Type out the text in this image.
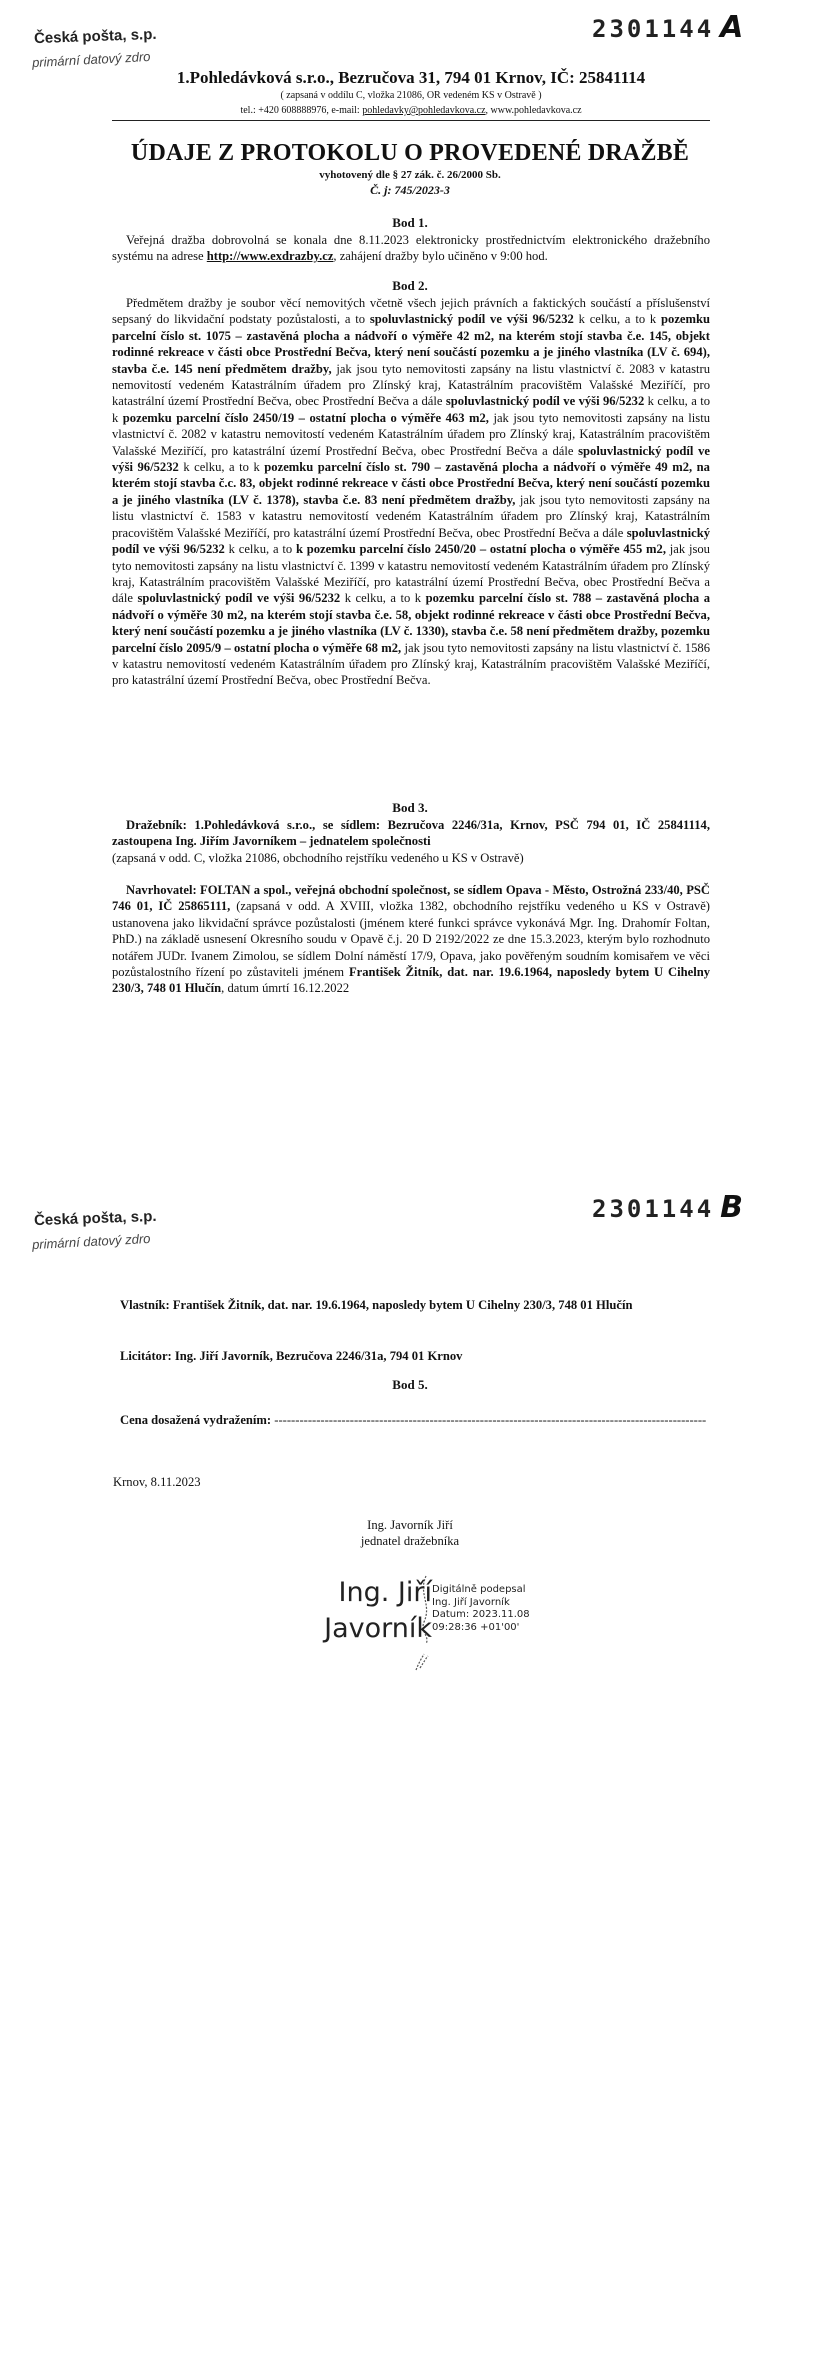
Česká pošta, s.p.
primární datový zdro
2301144 A
1.Pohledávková s.r.o., Bezručova 31, 794 01 Krnov, IČ: 25841114
( zapsaná v oddílu C, vložka 21086, OR vedeném KS v Ostravě )
tel.: +420 608888976, e-mail: pohledavky@pohledavkova.cz, www.pohledavkova.cz
ÚDAJE Z PROTOKOLU O PROVEDENÉ DRAŽBĚ
vyhotovený dle § 27 zák. č. 26/2000 Sb.
Č. j: 745/2023-3
Bod 1.
Veřejná dražba dobrovolná se konala dne 8.11.2023 elektronicky prostřednictvím elektronického dražebního systému na adrese http://www.exdrazby.cz, zahájení dražby bylo učiněno v 9:00 hod.
Bod 2.
Předmětem dražby je soubor věcí nemovitých včetně všech jejich právních a faktických součástí a příslušenství sepsaný do likvidační podstaty pozůstalosti, a to spoluvlastnický podíl ve výši 96/5232 k celku, a to k pozemku parcelní číslo st. 1075 – zastavěná plocha a nádvoří o výměře 42 m2, na kterém stojí stavba č.e. 145, objekt rodinné rekreace v části obce Prostřední Bečva, který není součástí pozemku a je jiného vlastníka (LV č. 694), stavba č.e. 145 není předmětem dražby, jak jsou tyto nemovitosti zapsány na listu vlastnictví č. 2083 v katastru nemovitostí vedeném Katastrálním úřadem pro Zlínský kraj, Katastrálním pracovištěm Valašské Meziříčí, pro katastrální území Prostřední Bečva, obec Prostřední Bečva a dále spoluvlastnický podíl ve výši 96/5232 k celku, a to k pozemku parcelní číslo 2450/19 – ostatní plocha o výměře 463 m2, jak jsou tyto nemovitosti zapsány na listu vlastnictví č. 2082 v katastru nemovitostí vedeném Katastrálním úřadem pro Zlínský kraj, Katastrálním pracovištěm Valašské Meziříčí, pro katastrální území Prostřední Bečva, obec Prostřední Bečva a dále spoluvlastnický podíl ve výši 96/5232 k celku, a to k pozemku parcelní číslo st. 790 – zastavěná plocha a nádvoří o výměře 49 m2, na kterém stojí stavba č.c. 83, objekt rodinné rekreace v části obce Prostřední Bečva, který není součástí pozemku a je jiného vlastníka (LV č. 1378), stavba č.e. 83 není předmětem dražby, jak jsou tyto nemovitosti zapsány na listu vlastnictví č. 1583 v katastru nemovitostí vedeném Katastrálním úřadem pro Zlínský kraj, Katastrálním pracovištěm Valašské Meziříčí, pro katastrální území Prostřední Bečva, obec Prostřední Bečva a dále spoluvlastnický podíl ve výši 96/5232 k celku, a to k pozemku parcelní číslo 2450/20 – ostatní plocha o výměře 455 m2, jak jsou tyto nemovitosti zapsány na listu vlastnictví č. 1399 v katastru nemovitostí vedeném Katastrálním úřadem pro Zlínský kraj, Katastrálním pracovištěm Valašské Meziříčí, pro katastrální území Prostřední Bečva, obec Prostřední Bečva a dále spoluvlastnický podíl ve výši 96/5232 k celku, a to k pozemku parcelní číslo st. 788 – zastavěná plocha a nádvoří o výměře 30 m2, na kterém stojí stavba č.e. 58, objekt rodinné rekreace v části obce Prostřední Bečva, který není součástí pozemku a je jiného vlastníka (LV č. 1330), stavba č.e. 58 není předmětem dražby, pozemku parcelní číslo 2095/9 – ostatní plocha o výměře 68 m2, jak jsou tyto nemovitosti zapsány na listu vlastnictví č. 1586 v katastru nemovitostí vedeném Katastrálním úřadem pro Zlínský kraj, Katastrálním pracovištěm Valašské Meziříčí, pro katastrální území Prostřední Bečva, obec Prostřední Bečva.
Bod 3.
Dražebník: 1.Pohledávková s.r.o., se sídlem: Bezručova 2246/31a, Krnov, PSČ 794 01, IČ 25841114, zastoupena Ing. Jiřím Javorníkem – jednatelem společnosti
(zapsaná v odd. C, vložka 21086, obchodního rejstříku vedeného u KS v Ostravě)
Navrhovatel: FOLTAN a spol., veřejná obchodní společnost, se sídlem Opava - Město, Ostrožná 233/40, PSČ 746 01, IČ 25865111, (zapsaná v odd. A XVIII, vložka 1382, obchodního rejstříku vedeného u KS v Ostravě) ustanovena jako likvidační správce pozůstalosti (jménem které funkci správce vykonává Mgr. Ing. Drahomír Foltan, PhD.) na základě usnesení Okresního soudu v Opavě č.j. 20 D 2192/2022 ze dne 15.3.2023, kterým bylo rozhodnuto notářem JUDr. Ivanem Zimolou, se sídlem Dolní náměstí 17/9, Opava, jako pověřeným soudním komisařem ve věci pozůstalostního řízení po zůstaviteli jménem František Žitník, dat. nar. 19.6.1964, naposledy bytem U Cihelny 230/3, 748 01 Hlučín, datum úmrtí 16.12.2022
Česká pošta, s.p.
primární datový zdro
2301144 B
Vlastník: František Žitník, dat. nar. 19.6.1964, naposledy bytem U Cihelny 230/3, 748 01 Hlučín
Licitátor: Ing. Jiří Javorník, Bezručova 2246/31a, 794 01 Krnov
Bod 5.
Cena dosažená vydražením: -------------------------------------------------------------------------------------------------------
Krnov, 8.11.2023
Ing. Javorník Jiří
jednatel dražebníka
Ing. Jiří
Javorník
Digitálně podepsal
Ing. Jiří Javorník
Datum: 2023.11.08
09:28:36 +01'00'
